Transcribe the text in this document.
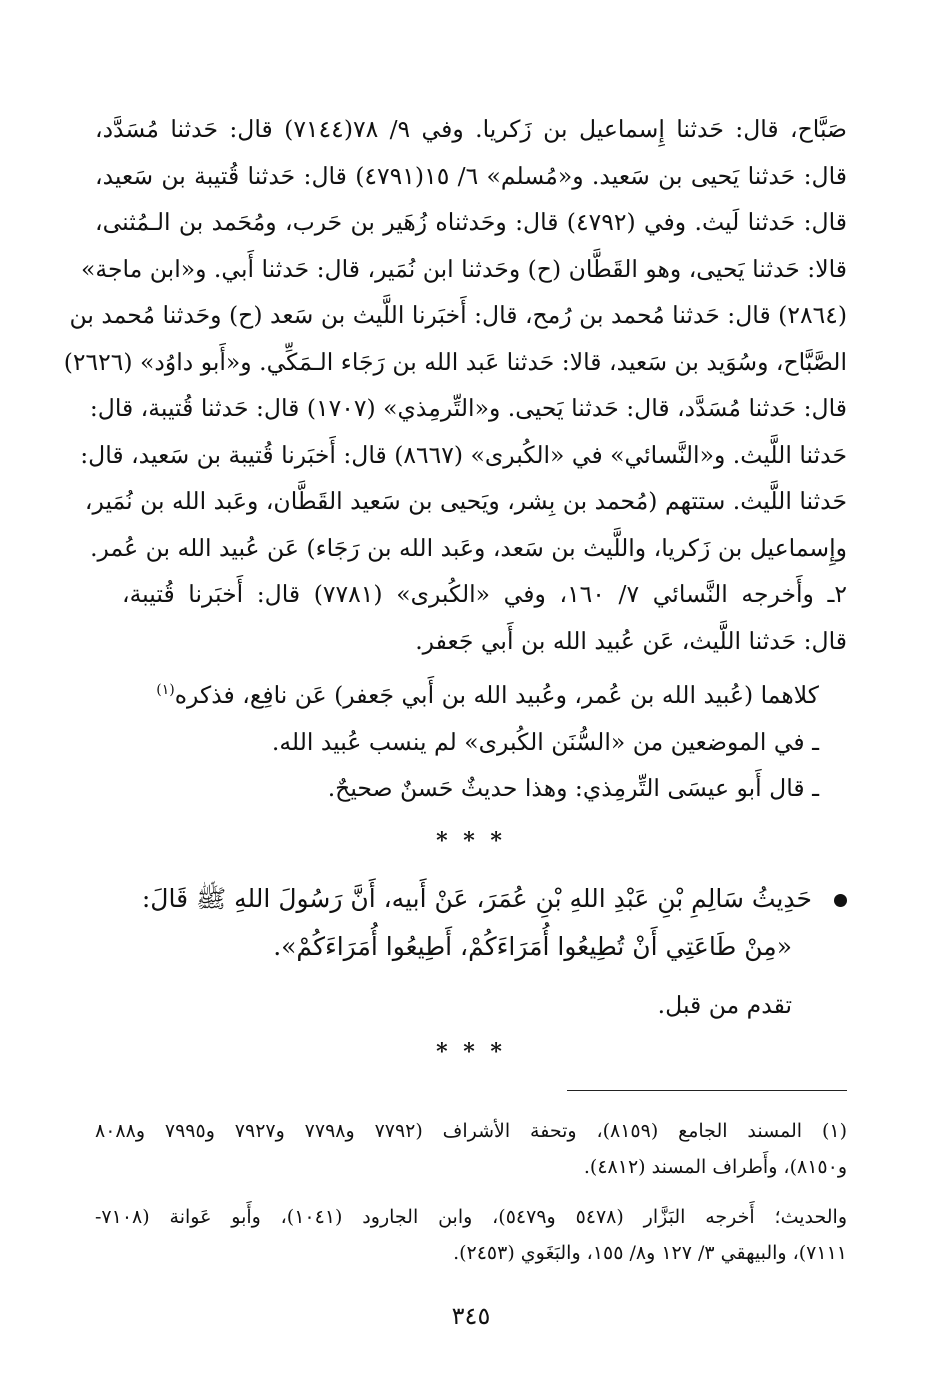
صَبَّاح، قال: حَدثنا إِسماعيل بن زَكريا. وفي ٩/ ٧٨(٧١٤٤) قال: حَدثنا مُسَدَّد،
قال: حَدثنا يَحيى بن سَعيد. و«مُسلم» ٦/ ١٥(٤٧٩١) قال: حَدثنا قُتيبة بن سَعيد،
قال: حَدثنا لَيث. وفي (٤٧٩٢) قال: وحَدثناه زُهَير بن حَرب، ومُحَمد بن الـمُثنى،
قالا: حَدثنا يَحيى، وهو القَطَّان (ح) وحَدثنا ابن نُمَير، قال: حَدثنا أَبي. و«ابن ماجة»
(٢٨٦٤) قال: حَدثنا مُحمد بن رُمح، قال: أَخبَرنا اللَّيث بن سَعد (ح) وحَدثنا مُحمد بن
الصَّبَّاح، وسُوَيد بن سَعيد، قالا: حَدثنا عَبد الله بن رَجَاء الـمَكِّي. و«أَبو داوُد» (٢٦٢٦)
قال: حَدثنا مُسَدَّد، قال: حَدثنا يَحيى. و«التِّرمِذي» (١٧٠٧) قال: حَدثنا قُتيبة، قال:
حَدثنا اللَّيث. و«النَّسائي» في «الكُبرى» (٨٦٦٧) قال: أَخبَرنا قُتيبة بن سَعيد، قال:
حَدثنا اللَّيث. ستتهم (مُحمد بن بِشر، ويَحيى بن سَعيد القَطَّان، وعَبد الله بن نُمَير،
وإِسماعيل بن زَكريا، واللَّيث بن سَعد، وعَبد الله بن رَجَاء) عَن عُبيد الله بن عُمر.
٢ـ وأَخرجه النَّسائي ٧/ ١٦٠، وفي «الكُبرى» (٧٧٨١) قال: أَخبَرنا قُتيبة،
قال: حَدثنا اللَّيث، عَن عُبيد الله بن أَبي جَعفر.
كلاهما (عُبيد الله بن عُمر، وعُبيد الله بن أَبي جَعفر) عَن نافِع، فذكره$^{(١)}$
ـ في الموضعين من «السُّنَن الكُبرى» لم ينسب عُبيد الله.
ـ قال أَبو عيسَى التِّرمِذي: وهذا حديثٌ حَسنٌ صحيحٌ.
* * *
حَدِيثُ سَالِمِ بْنِ عَبْدِ اللهِ بْنِ عُمَرَ، عَنْ أَبيه، أَنَّ رَسُولَ اللهِ ﷺ قَالَ:
«مِنْ طَاعَتِي أَنْ تُطِيعُوا أُمَرَاءَكُمْ، أَطِيعُوا أُمَرَاءَكُمْ».
تقدم من قبل.
* * *
(١) المسند الجامع (٨١٥٩)، وتحفة الأشراف (٧٧٩٢ و٧٧٩٨ و٧٩٢٧ و٧٩٩٥ و٨٠٨٨
و٨١٥٠)، وأَطراف المسند (٤٨١٢).
والحديث؛ أَخرجه البَزَّار (٥٤٧٨ و٥٤٧٩)، وابن الجارود (١٠٤١)، وأَبو عَوانة (٧١٠٨-
٧١١١)، والبيهقي ٣/ ١٢٧ و٨/ ١٥٥، والبَغَوي (٢٤٥٣).
٣٤٥
